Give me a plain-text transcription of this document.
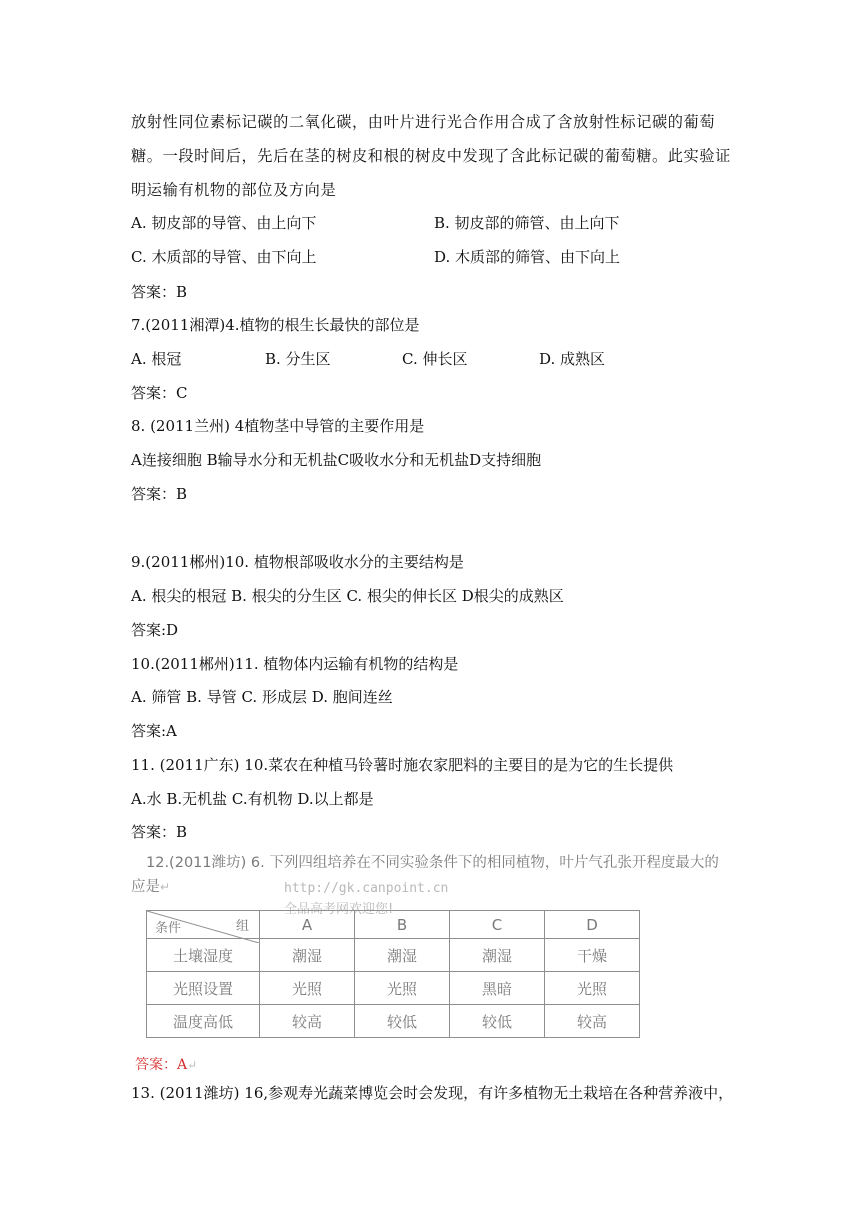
放射性同位素标记碳的二氧化碳，由叶片进行光合作用合成了含放射性标记碳的葡萄糖。一段时间后，先后在茎的树皮和根的树皮中发现了含此标记碳的葡萄糖。此实验证明运输有机物的部位及方向是
A. 韧皮部的导管、由上向下	B. 韧皮部的筛管、由上向下
C. 木质部的导管、由下向上	D. 木质部的筛管、由下向上
答案：B
7.(2011湘潭)4.植物的根生长最快的部位是
A. 根冠	B. 分生区	C. 伸长区	D. 成熟区
答案：C
8. (2011兰州) 4植物茎中导管的主要作用是
A连接细胞 B输导水分和无机盐C吸收水分和无机盐D支持细胞
答案：B
9.(2011郴州)10. 植物根部吸收水分的主要结构是
A. 根尖的根冠 B. 根尖的分生区 C. 根尖的伸长区 D根尖的成熟区
答案:D
10.(2011郴州)11. 植物体内运输有机物的结构是
A. 筛管 B. 导管 C. 形成层 D. 胞间连丝
答案:A
11. (2011广东) 10.菜农在种植马铃薯时施农家肥料的主要目的是为它的生长提供
A.水 B.无机盐 C.有机物 D.以上都是
答案：B
12.(2011潍坊) 6. 下列四组培养在不同实验条件下的相同植物，叶片气孔张开程度最大的
应是↵	http://gk.canpoint.cn
全品高考网欢迎您!
组
条件	A	B	C	D
土壤湿度	潮湿	潮湿	潮湿	干燥
光照设置	光照	光照	黑暗	光照
温度高低	较高	较低	较低	较高
答案：A↵
13. (2011潍坊) 16,参观寿光蔬菜博览会时会发现，有许多植物无土栽培在各种营养液中，
